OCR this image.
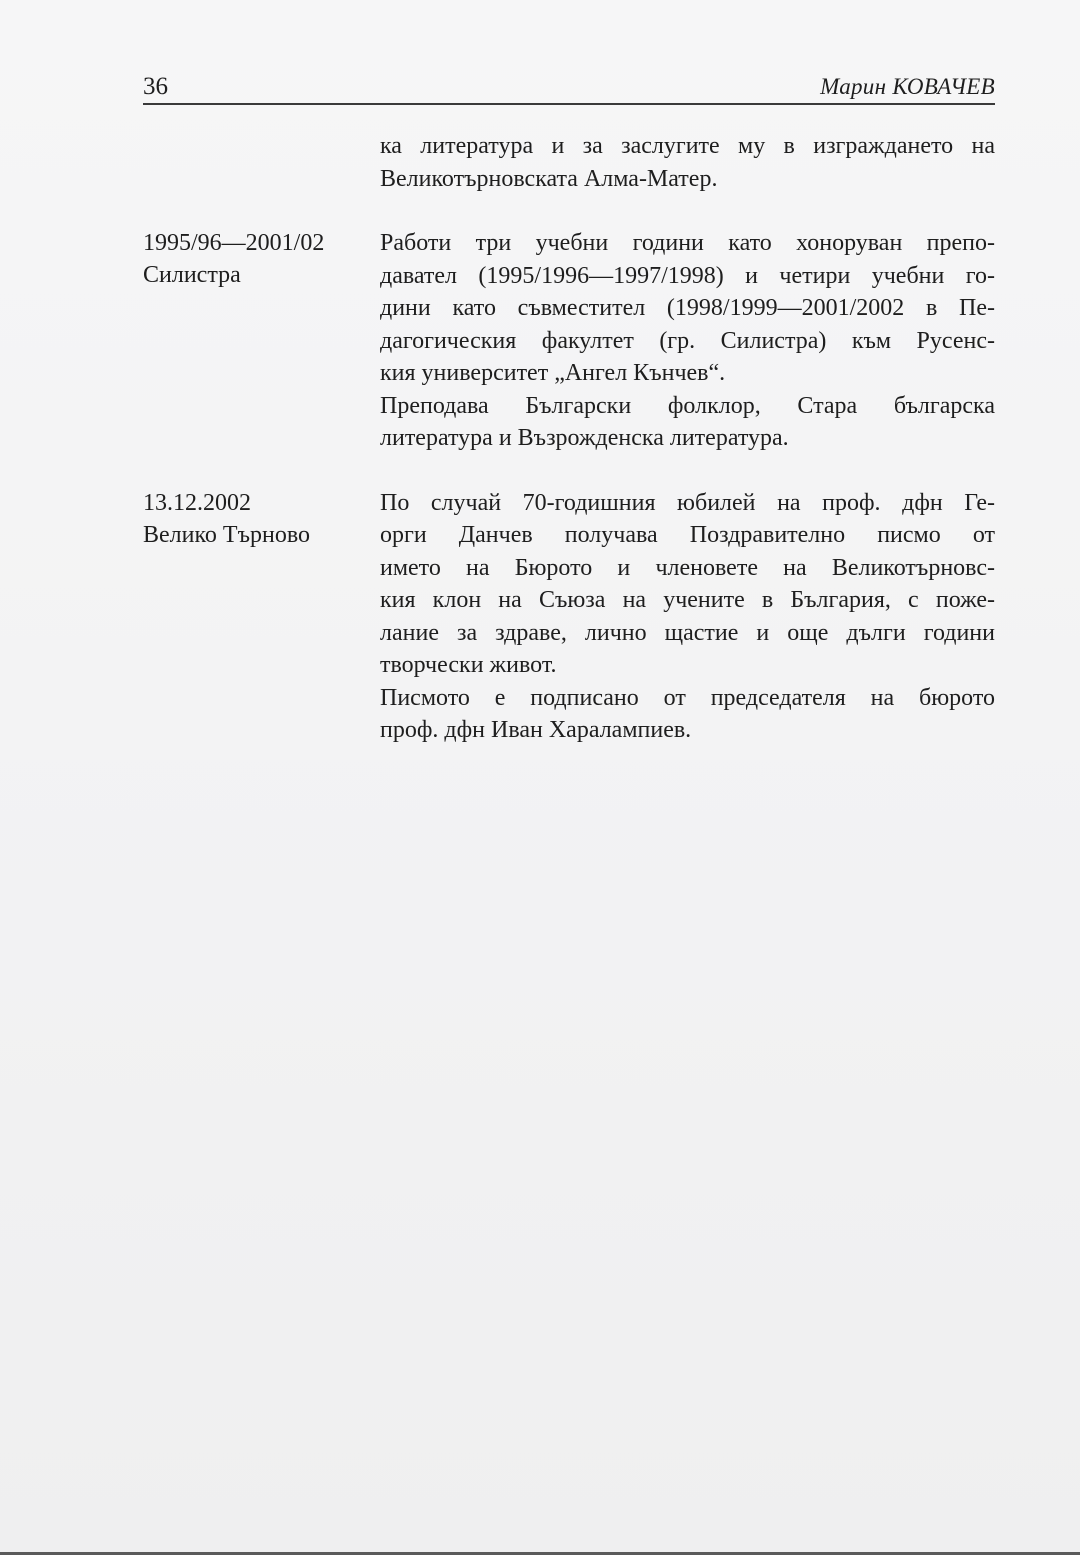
36	Марин КОВАЧЕВ
ка литература и за заслугите му в изграждането на
Великотърновската Алма-Матер.
1995/96—2001/02
Силистра
Работи три учебни години като хоноруван препо-
давател (1995/1996—1997/1998) и четири учебни го-
дини като съвместител (1998/1999—2001/2002 в Пе-
дагогическия факултет (гр. Силистра) към Русенс-
кия университет „Ангел Кънчев“.
Преподава Български фолклор, Стара българска
литература и Възрожденска литература.
13.12.2002
Велико Търново
По случай 70-годишния юбилей на проф. дфн Ге-
орги Данчев получава Поздравително писмо от
името на Бюрото и членовете на Великотърновс-
кия клон на Съюза на учените в България, с поже-
лание за здраве, лично щастие и още дълги години
творчески живот.
Писмото е подписано от председателя на бюрото
проф. дфн Иван Харалампиев.
